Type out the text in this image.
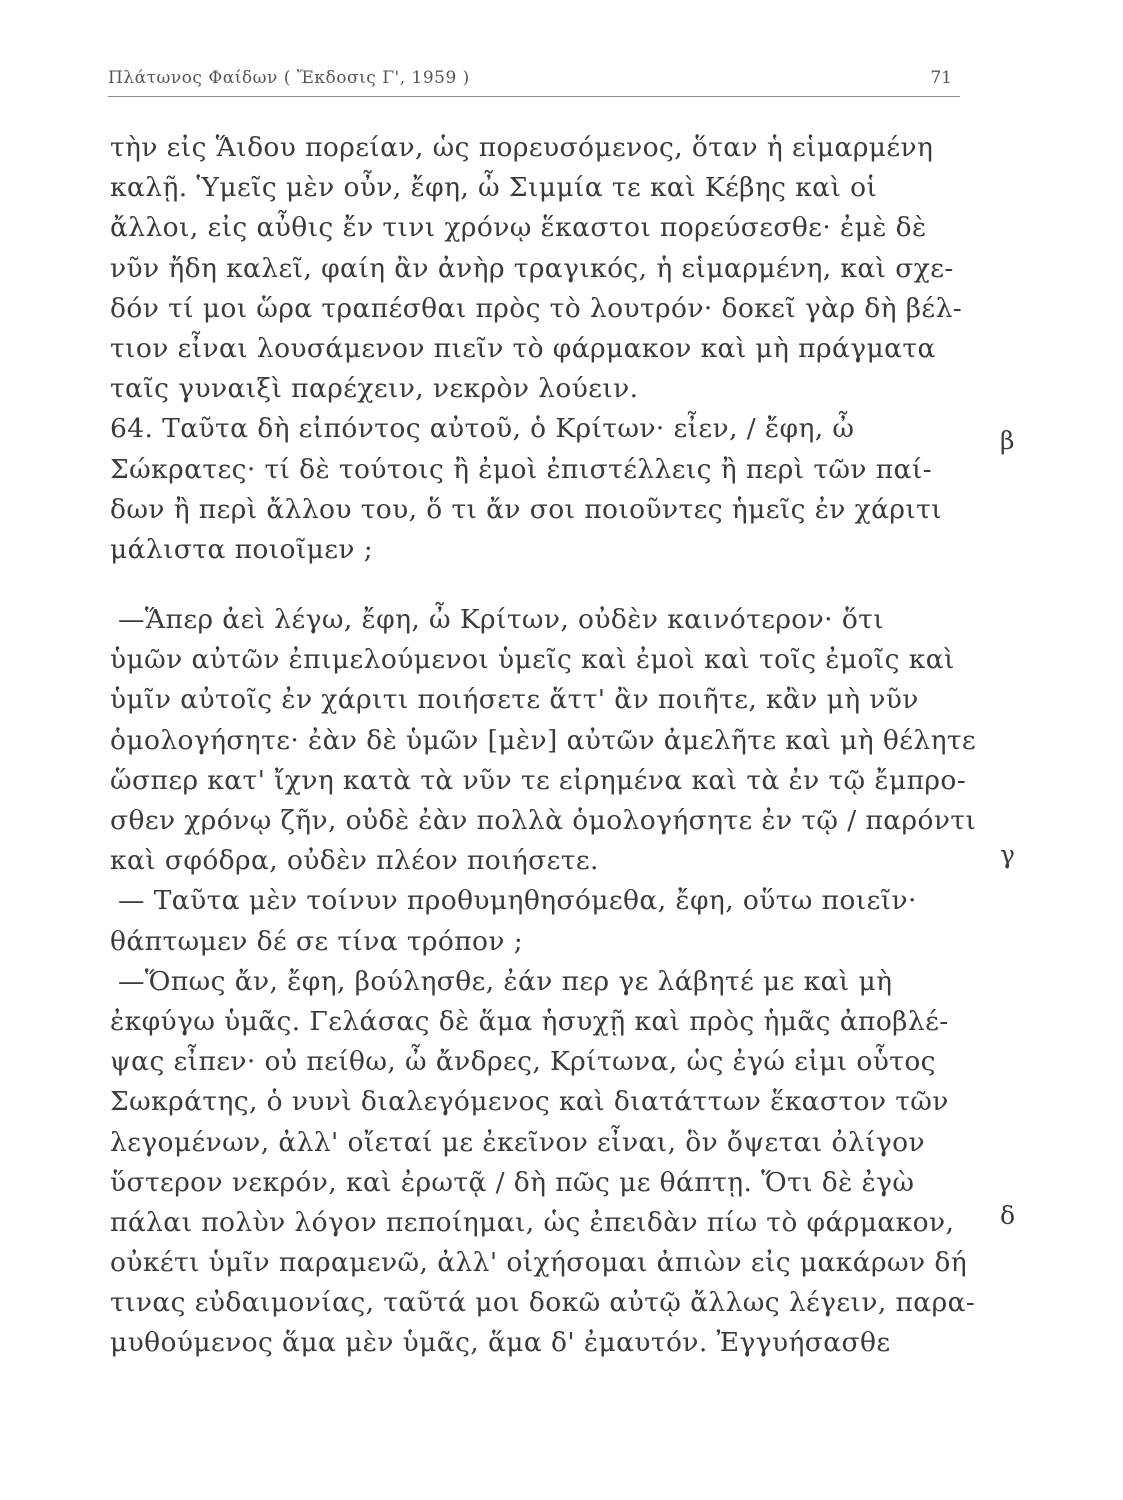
Πλάτωνος Φαίδων ( Ἔκδοσις Γ', 1959 )	71
τὴν εἰς Ἅιδου πορείαν, ὡς πορευσόμενος, ὅταν ἡ εἱμαρμένη
καλῇ. Ὑμεῖς μὲν οὖν, ἔφη, ὦ Σιμμία τε καὶ Κέβης καὶ οἱ
ἄλλοι, εἰς αὖθις ἔν τινι χρόνῳ ἕκαστοι πορεύσεσθε· ἐμὲ δὲ
νῦν ἤδη καλεῖ, φαίη ἂν ἀνὴρ τραγικός, ἡ εἱμαρμένη, καὶ σχε-
δόν τί μοι ὥρα τραπέσθαι πρὸς τὸ λουτρόν· δοκεῖ γὰρ δὴ βέλ-
τιον εἶναι λουσάμενον πιεῖν τὸ φάρμακον καὶ μὴ πράγματα
ταῖς γυναιξὶ παρέχειν, νεκρὸν λούειν.
64. Ταῦτα δὴ εἰπόντος αὐτοῦ, ὁ Κρίτων· εἶεν, / ἔφη, ὦ
Σώκρατες· τί δὲ τούτοις ἢ ἐμοὶ ἐπιστέλλεις ἢ περὶ τῶν παί-
δων ἢ περὶ ἄλλου του, ὅ τι ἄν σοι ποιοῦντες ἡμεῖς ἐν χάριτι
μάλιστα ποιοῖμεν ;
—Ἅπερ ἀεὶ λέγω, ἔφη, ὦ Κρίτων, οὐδὲν καινότερον· ὅτι
ὑμῶν αὐτῶν ἐπιμελούμενοι ὑμεῖς καὶ ἐμοὶ καὶ τοῖς ἐμοῖς καὶ
ὑμῖν αὐτοῖς ἐν χάριτι ποιήσετε ἅττ' ἂν ποιῆτε, κἂν μὴ νῦν
ὁμολογήσητε· ἐὰν δὲ ὑμῶν [μὲν] αὐτῶν ἀμελῆτε καὶ μὴ θέλητε
ὥσπερ κατ' ἴχνη κατὰ τὰ νῦν τε εἰρημένα καὶ τὰ ἐν τῷ ἔμπρο-
σθεν χρόνῳ ζῆν, οὐδὲ ἐὰν πολλὰ ὁμολογήσητε ἐν τῷ / παρόντι
καὶ σφόδρα, οὐδὲν πλέον ποιήσετε.
— Ταῦτα μὲν τοίνυν προθυμηθησόμεθα, ἔφη, οὕτω ποιεῖν·
θάπτωμεν δέ σε τίνα τρόπον ;
—Ὅπως ἄν, ἔφη, βούλησθε, ἐάν περ γε λάβητέ με καὶ μὴ
ἐκφύγω ὑμᾶς. Γελάσας δὲ ἅμα ἡσυχῇ καὶ πρὸς ἡμᾶς ἀποβλέ-
ψας εἶπεν· οὐ πείθω, ὦ ἄνδρες, Κρίτωνα, ὡς ἐγώ εἰμι οὗτος
Σωκράτης, ὁ νυνὶ διαλεγόμενος καὶ διατάττων ἕκαστον τῶν
λεγομένων, ἀλλ' οἴεταί με ἐκεῖνον εἶναι, ὃν ὄψεται ὀλίγον
ὕστερον νεκρόν, καὶ ἐρωτᾷ / δὴ πῶς με θάπτῃ. Ὅτι δὲ ἐγὼ
πάλαι πολὺν λόγον πεποίημαι, ὡς ἐπειδὰν πίω τὸ φάρμακον,
οὐκέτι ὑμῖν παραμενῶ, ἀλλ' οἰχήσομαι ἀπιὼν εἰς μακάρων δή
τινας εὐδαιμονίας, ταῦτά μοι δοκῶ αὐτῷ ἄλλως λέγειν, παρα-
μυθούμενος ἅμα μὲν ὑμᾶς, ἅμα δ' ἐμαυτόν. Ἐγγυήσασθε
β
γ
δ
